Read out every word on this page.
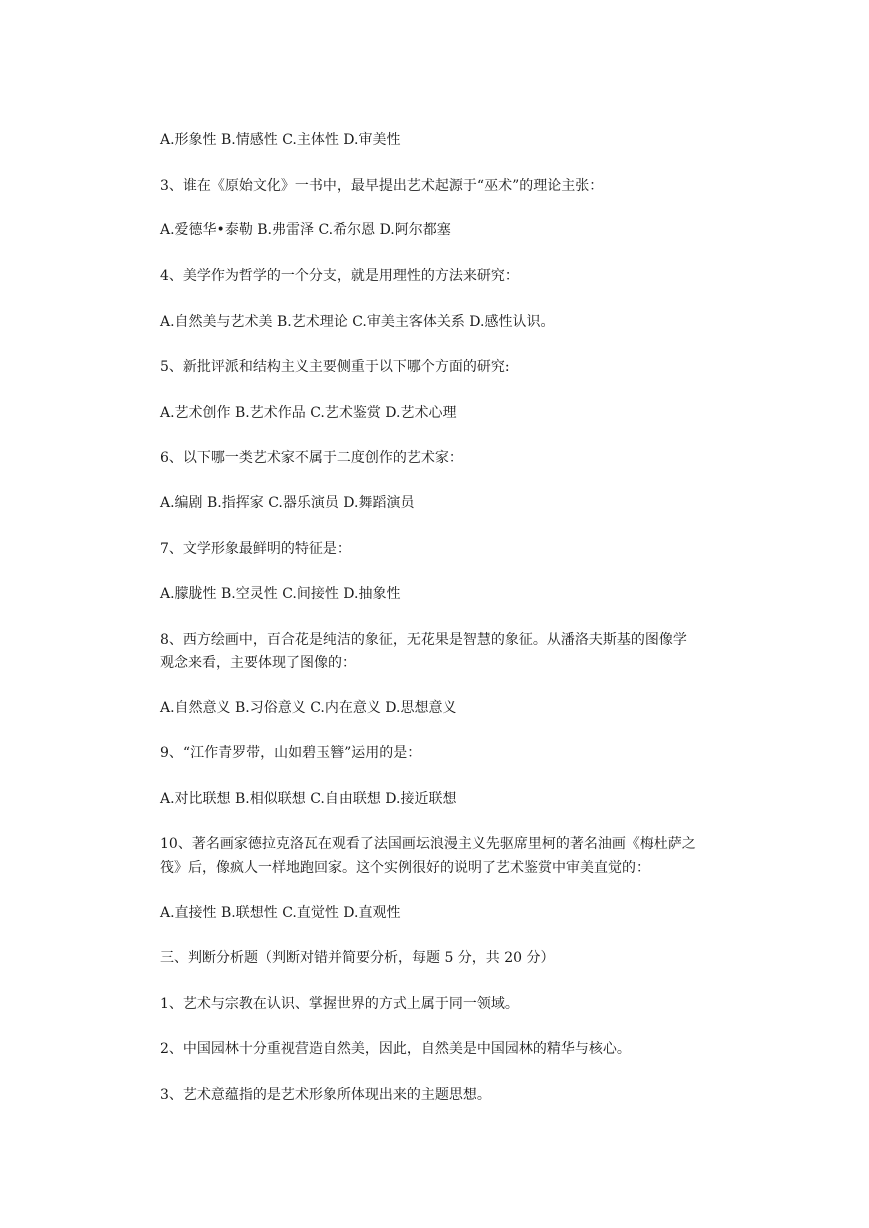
A.形象性 B.情感性 C.主体性 D.审美性

3、谁在《原始文化》一书中，最早提出艺术起源于“巫术”的理论主张：

A.爱德华•泰勒 B.弗雷泽 C.希尔恩 D.阿尔都塞

4、美学作为哲学的一个分支，就是用理性的方法来研究：

A.自然美与艺术美 B.艺术理论 C.审美主客体关系 D.感性认识。

5、新批评派和结构主义主要侧重于以下哪个方面的研究:

A.艺术创作 B.艺术作品 C.艺术鉴赏 D.艺术心理

6、以下哪一类艺术家不属于二度创作的艺术家：

A.编剧 B.指挥家 C.器乐演员 D.舞蹈演员

7、文学形象最鲜明的特征是：

A.朦胧性 B.空灵性 C.间接性 D.抽象性

8、西方绘画中，百合花是纯洁的象征，无花果是智慧的象征。从潘洛夫斯基的图像学

观念来看，主要体现了图像的：

A.自然意义 B.习俗意义 C.内在意义 D.思想意义

9、“江作青罗带，山如碧玉簪”运用的是：

A.对比联想 B.相似联想 C.自由联想 D.接近联想

10、著名画家德拉克洛瓦在观看了法国画坛浪漫主义先驱席里柯的著名油画《梅杜萨之

筏》后，像疯人一样地跑回家。这个实例很好的说明了艺术鉴赏中审美直觉的：

A.直接性 B.联想性 C.直觉性 D.直观性

三、判断分析题（判断对错并简要分析，每题 5 分，共 20 分）

1、艺术与宗教在认识、掌握世界的方式上属于同一领域。

2、中国园林十分重视营造自然美，因此，自然美是中国园林的精华与核心。

3、艺术意蕴指的是艺术形象所体现出来的主题思想。
